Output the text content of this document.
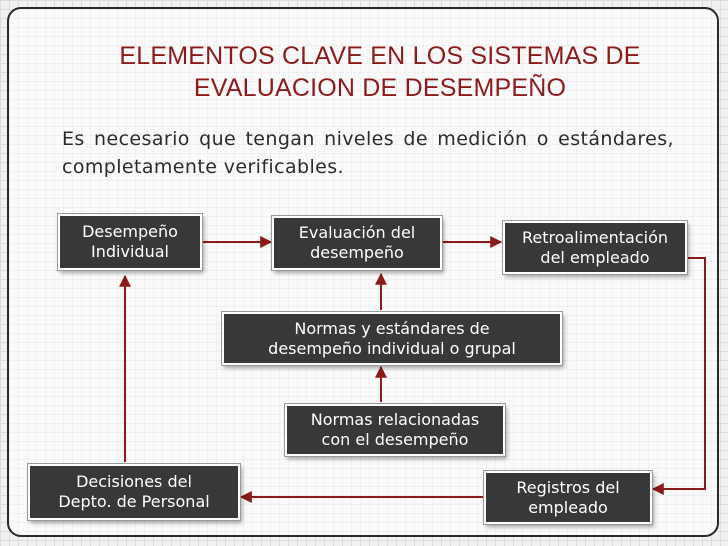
ELEMENTOS CLAVE EN LOS SISTEMAS DE
EVALUACION DE DESEMPEÑO
Es necesario que tengan niveles de medición o estándares, completamente verificables.
Desempeño
Individual
Evaluación del
desempeño
Retroalimentación
del empleado
Normas y estándares de
desempeño individual o grupal
Normas relacionadas
con el desempeño
Decisiones del
Depto. de Personal
Registros del
empleado
